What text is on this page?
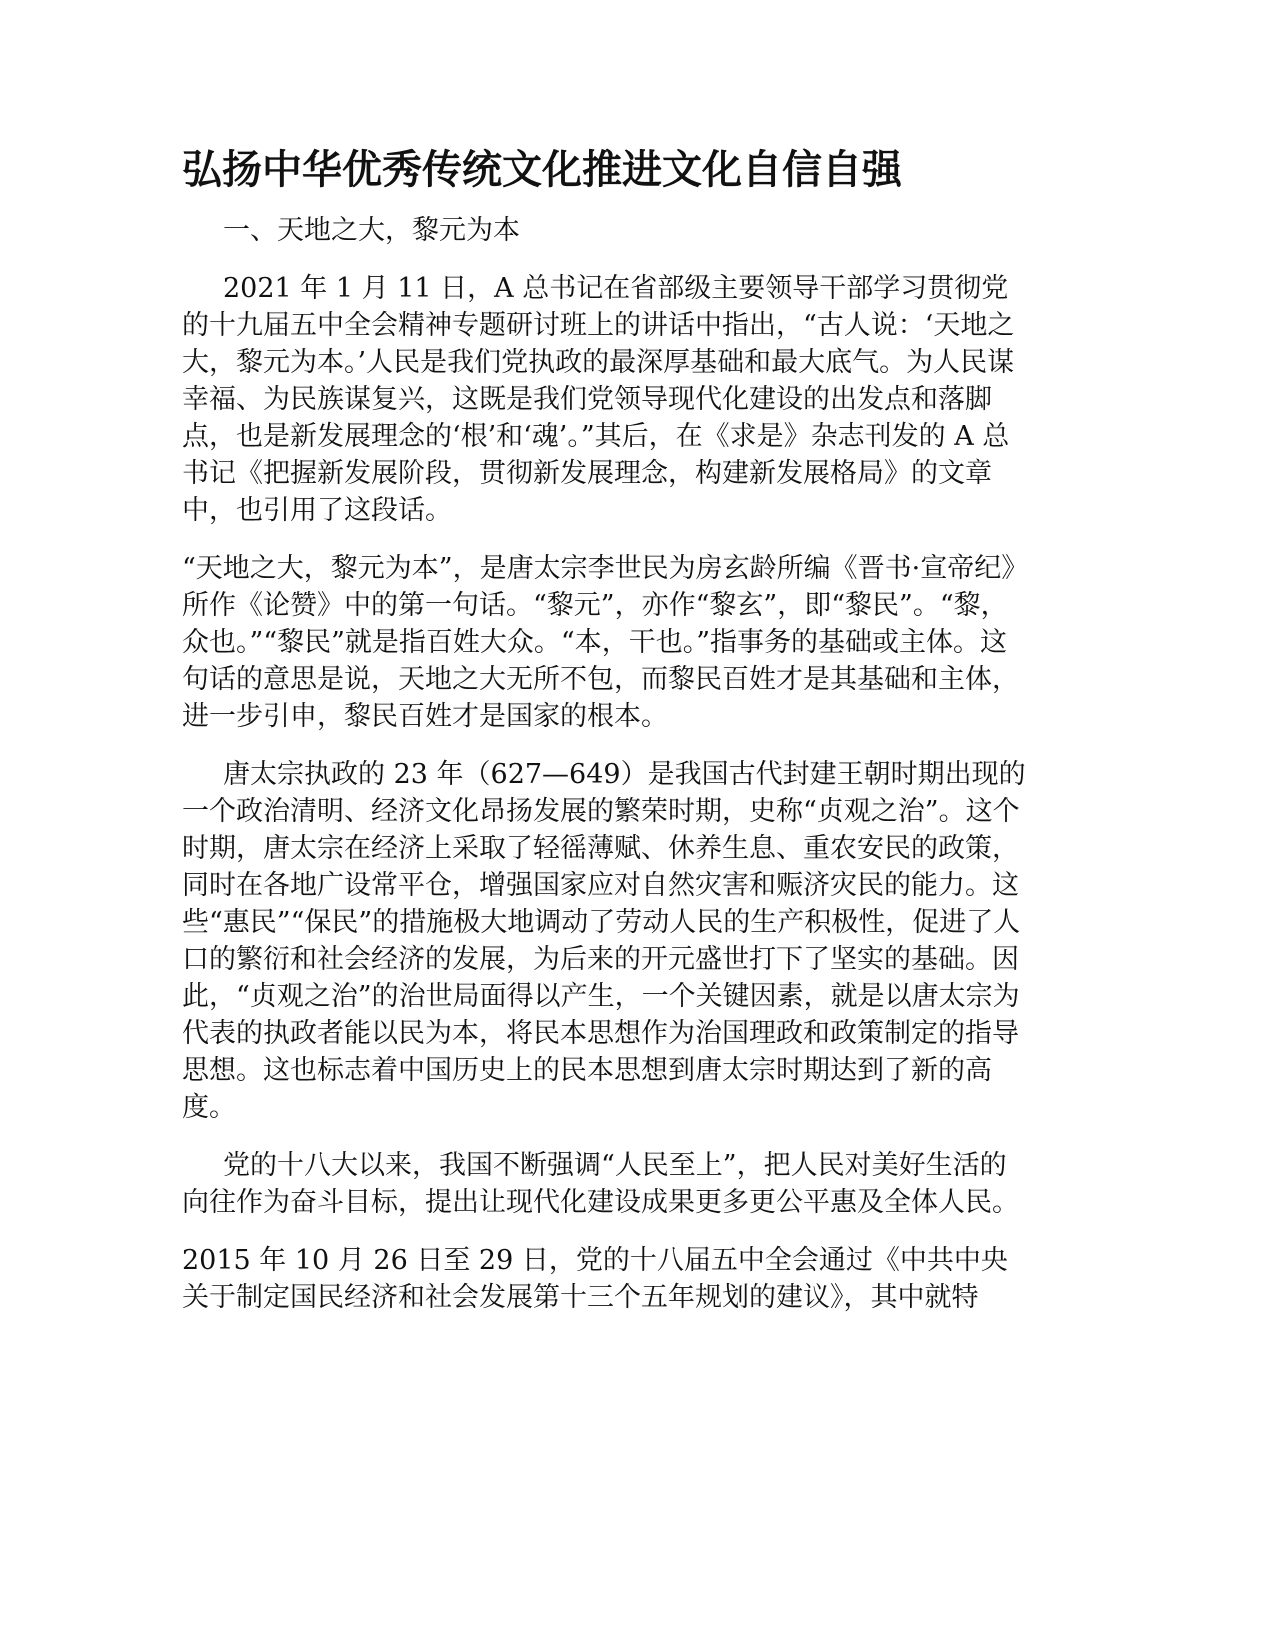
弘扬中华优秀传统文化推进文化自信自强

一、天地之大，黎元为本

2021 年 1 月 11 日，A 总书记在省部级主要领导干部学习贯彻党的十九届五中全会精神专题研讨班上的讲话中指出，“古人说：‘天地之大，黎元为本。’人民是我们党执政的最深厚基础和最大底气。为人民谋幸福、为民族谋复兴，这既是我们党领导现代化建设的出发点和落脚点，也是新发展理念的‘根’和‘魂’。”其后，在《求是》杂志刊发的 A 总书记《把握新发展阶段，贯彻新发展理念，构建新发展格局》的文章中，也引用了这段话。

“天地之大，黎元为本”，是唐太宗李世民为房玄龄所编《晋书·宣帝纪》所作《论赞》中的第一句话。“黎元”，亦作“黎玄”，即“黎民”。“黎，众也。”“黎民”就是指百姓大众。“本，干也。”指事务的基础或主体。这句话的意思是说，天地之大无所不包，而黎民百姓才是其基础和主体，进一步引申，黎民百姓才是国家的根本。

唐太宗执政的 23 年（627—649）是我国古代封建王朝时期出现的一个政治清明、经济文化昂扬发展的繁荣时期，史称“贞观之治”。这个时期，唐太宗在经济上采取了轻徭薄赋、休养生息、重农安民的政策，同时在各地广设常平仓，增强国家应对自然灾害和赈济灾民的能力。这些“惠民”“保民”的措施极大地调动了劳动人民的生产积极性，促进了人口的繁衍和社会经济的发展，为后来的开元盛世打下了坚实的基础。因此，“贞观之治”的治世局面得以产生，一个关键因素，就是以唐太宗为代表的执政者能以民为本，将民本思想作为治国理政和政策制定的指导思想。这也标志着中国历史上的民本思想到唐太宗时期达到了新的高度。

党的十八大以来，我国不断强调“人民至上”，把人民对美好生活的向往作为奋斗目标，提出让现代化建设成果更多更公平惠及全体人民。

2015 年 10 月 26 日至 29 日，党的十八届五中全会通过《中共中央关于制定国民经济和社会发展第十三个五年规划的建议》，其中就特
